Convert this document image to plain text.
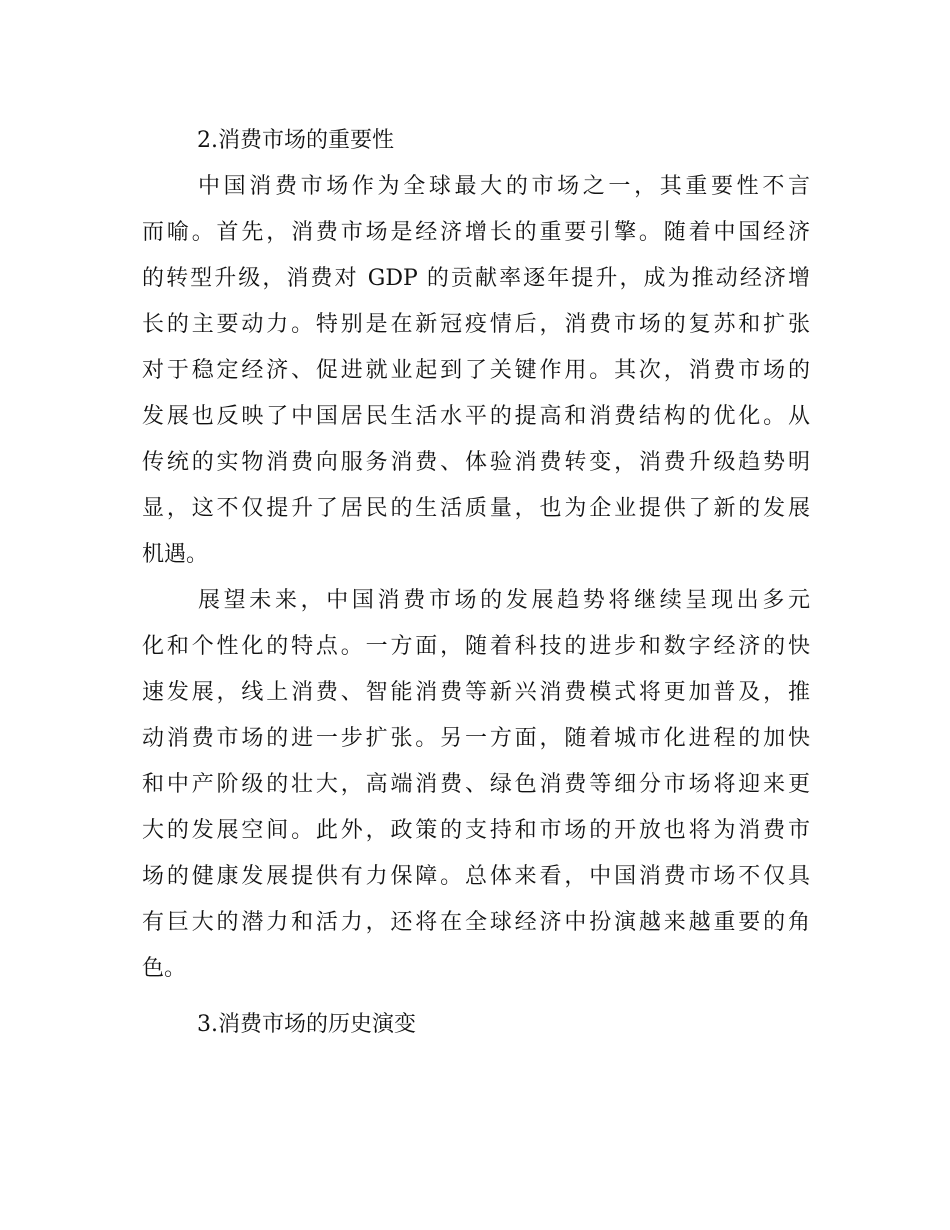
2.消费市场的重要性

中国消费市场作为全球最大的市场之一，其重要性不言
而喻。首先，消费市场是经济增长的重要引擎。随着中国经济
的转型升级，消费对 GDP 的贡献率逐年提升，成为推动经济增
长的主要动力。特别是在新冠疫情后，消费市场的复苏和扩张
对于稳定经济、促进就业起到了关键作用。其次，消费市场的
发展也反映了中国居民生活水平的提高和消费结构的优化。从
传统的实物消费向服务消费、体验消费转变，消费升级趋势明
显，这不仅提升了居民的生活质量，也为企业提供了新的发展
机遇。

展望未来，中国消费市场的发展趋势将继续呈现出多元
化和个性化的特点。一方面，随着科技的进步和数字经济的快
速发展，线上消费、智能消费等新兴消费模式将更加普及，推
动消费市场的进一步扩张。另一方面，随着城市化进程的加快
和中产阶级的壮大，高端消费、绿色消费等细分市场将迎来更
大的发展空间。此外，政策的支持和市场的开放也将为消费市
场的健康发展提供有力保障。总体来看，中国消费市场不仅具
有巨大的潜力和活力，还将在全球经济中扮演越来越重要的角
色。

3.消费市场的历史演变
